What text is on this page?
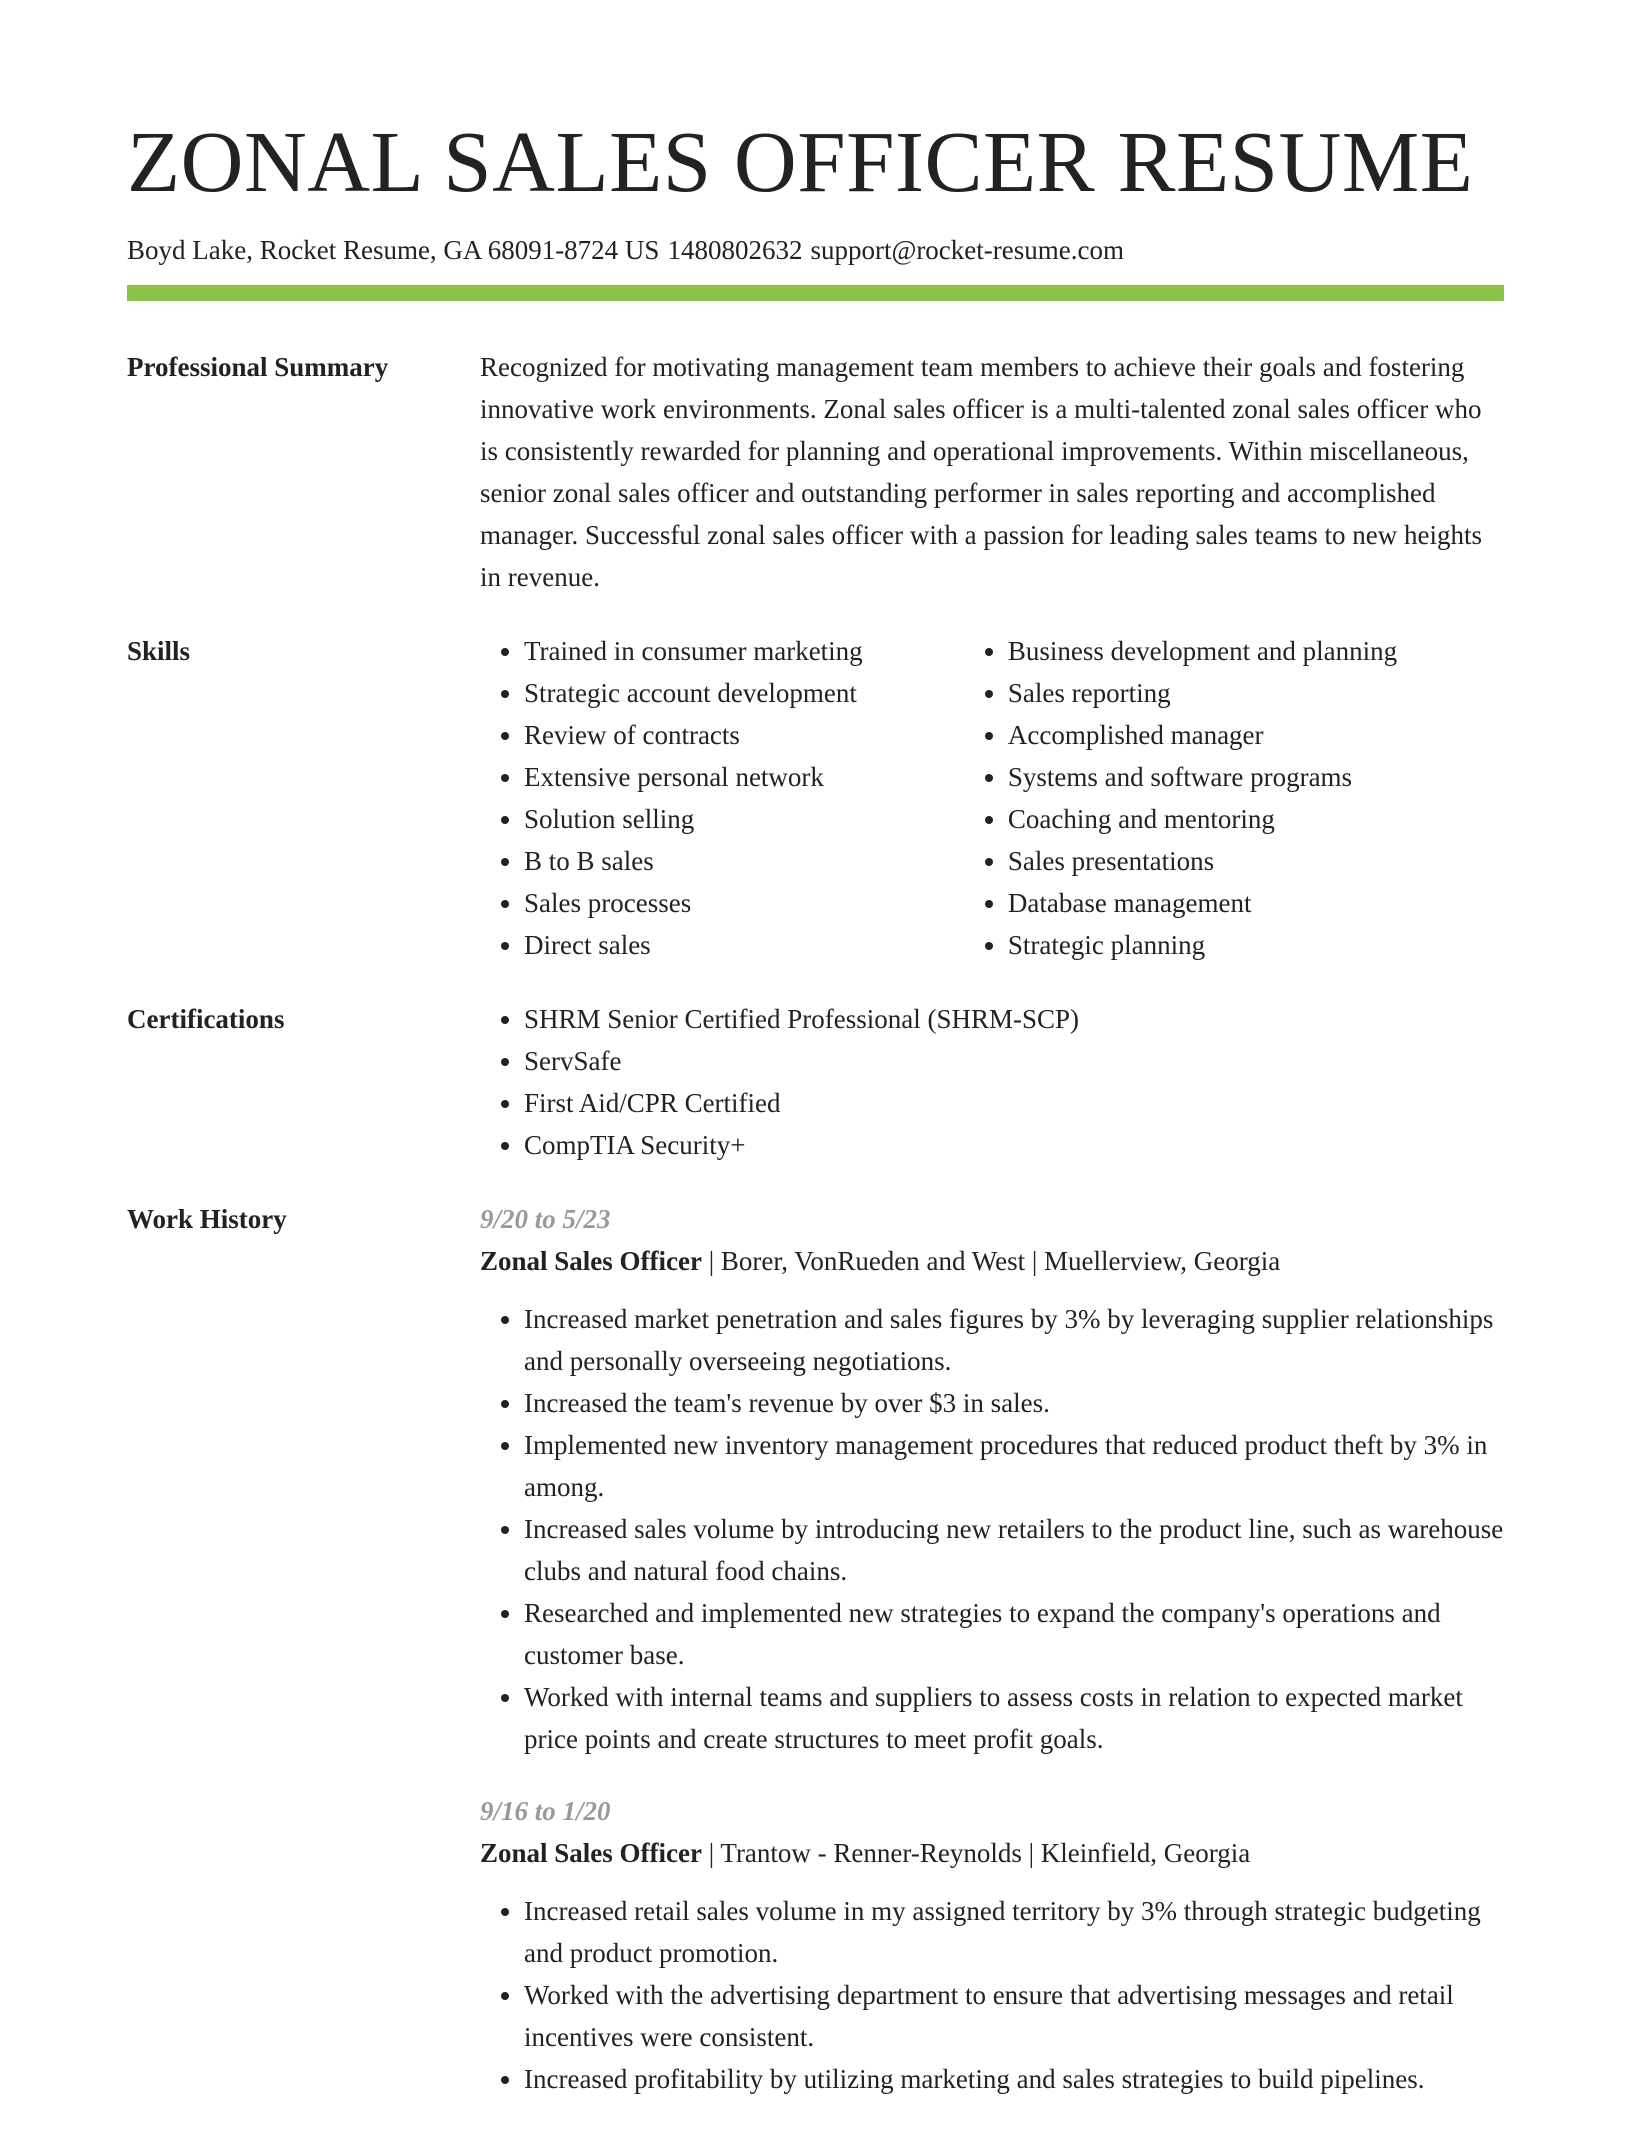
ZONAL SALES OFFICER RESUME
Boyd Lake, Rocket Resume, GA 68091-8724 US 1480802632 support@rocket-resume.com
Professional Summary	Recognized for motivating management team members to achieve their goals and fostering innovative work environments. Zonal sales officer is a multi-talented zonal sales officer who is consistently rewarded for planning and operational improvements. Within miscellaneous, senior zonal sales officer and outstanding performer in sales reporting and accomplished manager. Successful zonal sales officer with a passion for leading sales teams to new heights in revenue.

Skills	• Trained in consumer marketing
• Strategic account development
• Review of contracts
• Extensive personal network
• Solution selling
• B to B sales
• Sales processes
• Direct sales
• Business development and planning
• Sales reporting
• Accomplished manager
• Systems and software programs
• Coaching and mentoring
• Sales presentations
• Database management
• Strategic planning
Certifications	• SHRM Senior Certified Professional (SHRM-SCP)
• ServSafe
• First Aid/CPR Certified
• CompTIA Security+
Work History	9/20 to 5/23
Zonal Sales Officer | Borer, VonRueden and West | Muellerview, Georgia
• Increased market penetration and sales figures by 3% by leveraging supplier relationships and personally overseeing negotiations.
• Increased the team's revenue by over $3 in sales.
• Implemented new inventory management procedures that reduced product theft by 3% in among.
• Increased sales volume by introducing new retailers to the product line, such as warehouse clubs and natural food chains.
• Researched and implemented new strategies to expand the company's operations and customer base.
• Worked with internal teams and suppliers to assess costs in relation to expected market price points and create structures to meet profit goals.
9/16 to 1/20
Zonal Sales Officer | Trantow - Renner-Reynolds | Kleinfield, Georgia
• Increased retail sales volume in my assigned territory by 3% through strategic budgeting and product promotion.
• Worked with the advertising department to ensure that advertising messages and retail incentives were consistent.
• Increased profitability by utilizing marketing and sales strategies to build pipelines.
